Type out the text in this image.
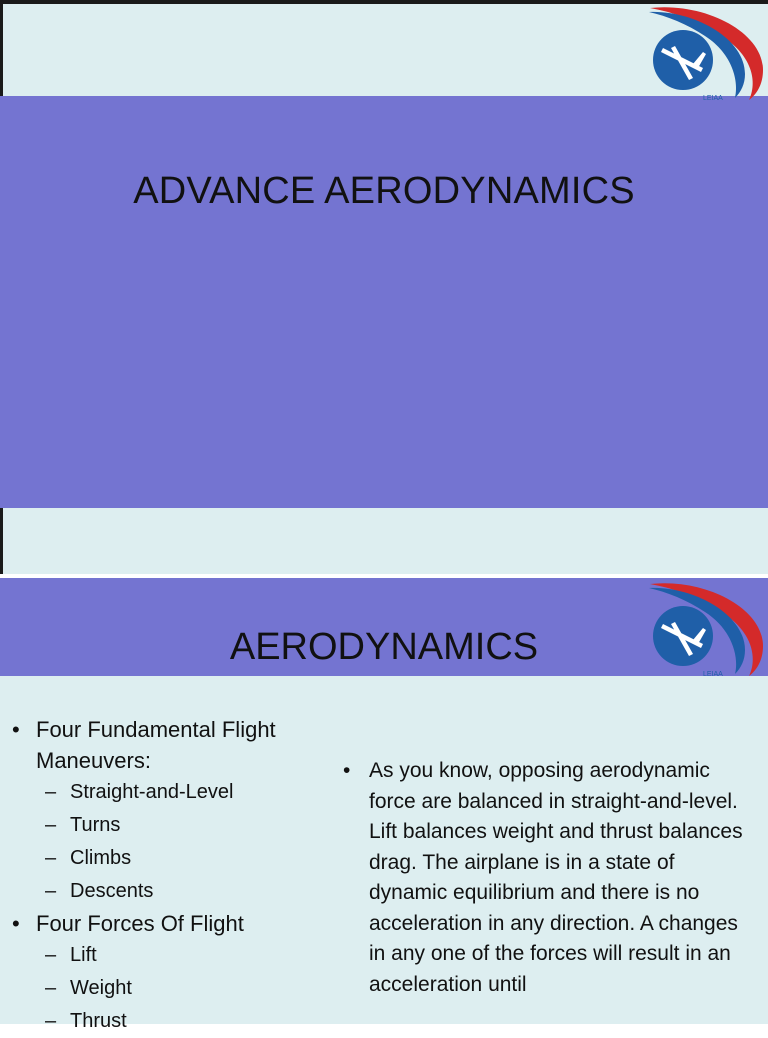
ADVANCE AERODYNAMICS
LEIAA
AERODYNAMICS
• Four Fundamental Flight Maneuvers:
– Straight-and-Level
– Turns
– Climbs
– Descents
• Four Forces Of Flight
– Lift
– Weight
– Thrust
• As you know, opposing aerodynamic force are balanced in straight-and-level. Lift balances weight and thrust balances drag. The airplane is in a state of dynamic equilibrium and there is no acceleration in any direction. A changes in any one of the forces will result in an acceleration until
LEIAA
